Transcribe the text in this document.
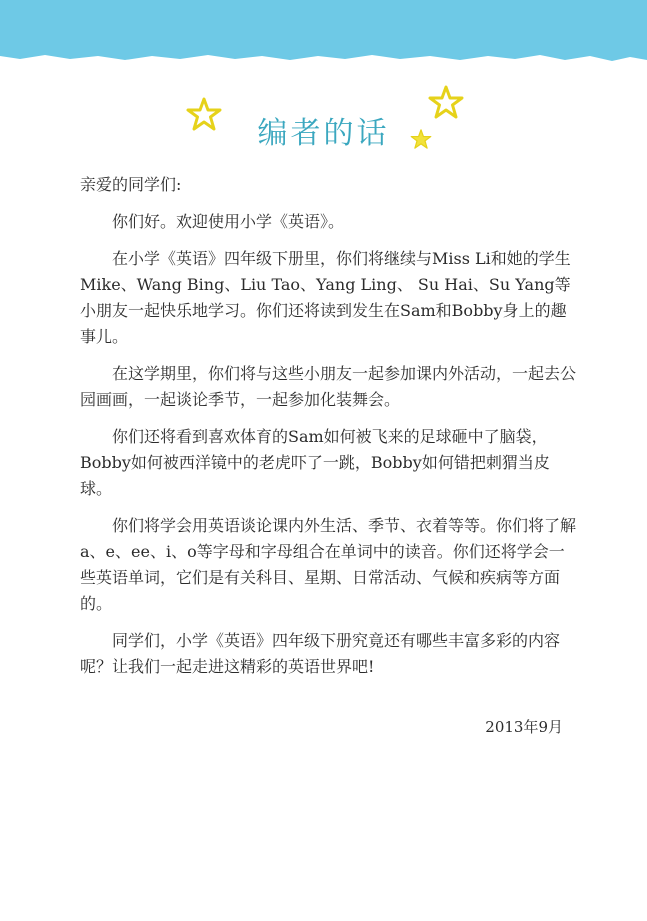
编者的话

亲爱的同学们:

你们好。欢迎使用小学《英语》。

在小学《英语》四年级下册里，你们将继续与Miss Li和她的学生Mike、Wang Bing、Liu Tao、Yang Ling、 Su Hai、Su Yang等小朋友一起快乐地学习。你们还将读到发生在Sam和Bobby身上的趣事儿。

在这学期里，你们将与这些小朋友一起参加课内外活动，一起去公园画画，一起谈论季节，一起参加化装舞会。

你们还将看到喜欢体育的Sam如何被飞来的足球砸中了脑袋，Bobby如何被西洋镜中的老虎吓了一跳，Bobby如何错把刺猬当皮球。

你们将学会用英语谈论课内外生活、季节、衣着等等。你们将了解a、e、ee、i、o等字母和字母组合在单词中的读音。你们还将学会一些英语单词，它们是有关科目、星期、日常活动、气候和疾病等方面的。

同学们，小学《英语》四年级下册究竟还有哪些丰富多彩的内容呢？让我们一起走进这精彩的英语世界吧!

2013年9月
